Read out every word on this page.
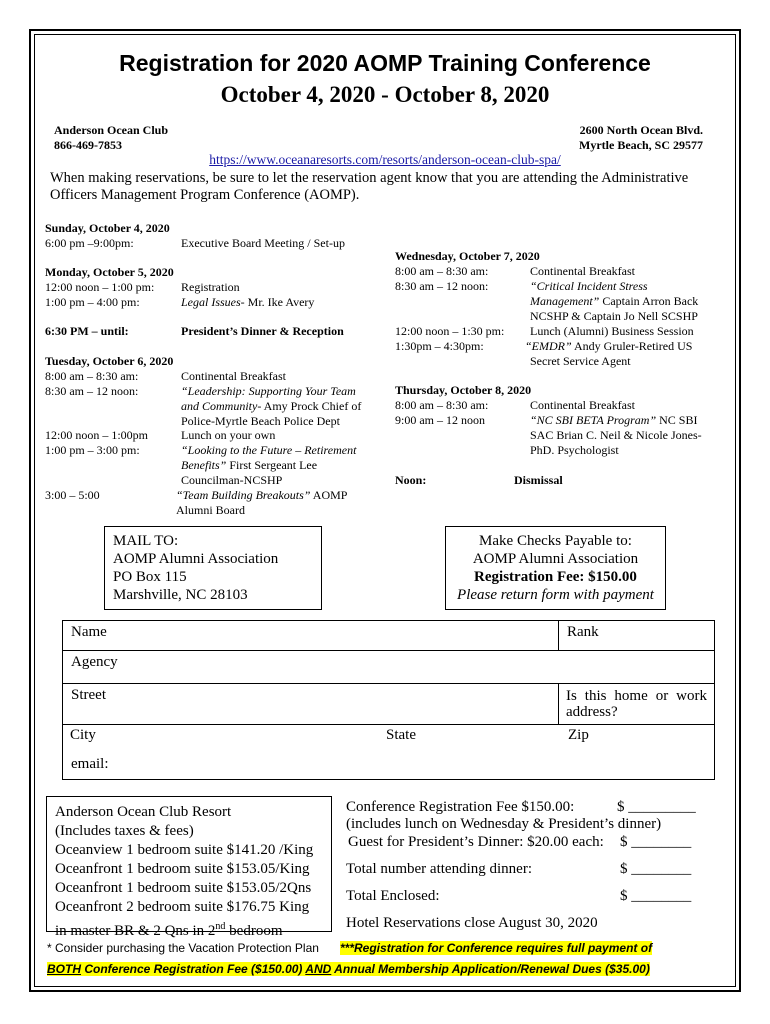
Registration for 2020 AOMP Training Conference
October 4, 2020 - October 8, 2020
Anderson Ocean Club
866-469-7853
2600 North Ocean Blvd.
Myrtle Beach, SC 29577
https://www.oceanaresorts.com/resorts/anderson-ocean-club-spa/
When making reservations, be sure to let the reservation agent know that you are attending the Administrative
Officers Management Program Conference (AOMP).
Sunday, October 4, 2020
6:00 pm –9:00pm:	Executive Board Meeting / Set-up
Monday, October 5, 2020
12:00 noon – 1:00 pm: Registration
1:00 pm – 4:00 pm:	Legal Issues- Mr. Ike Avery
6:30 PM – until:	President’s Dinner & Reception
Tuesday, October 6, 2020
8:00 am – 8:30 am:	Continental Breakfast
8:30 am – 12 noon:	“Leadership: Supporting Your Team
and Community- Amy Prock Chief of
Police-Myrtle Beach Police Dept
12:00 noon – 1:00pm	Lunch on your own
1:00 pm – 3:00 pm:	“Looking to the Future – Retirement
Benefits” First Sergeant Lee
Councilman-NCSHP
3:00 – 5:00	“Team Building Breakouts” AOMP
Alumni Board
Wednesday, October 7, 2020
8:00 am – 8:30 am:	Continental Breakfast
8:30 am – 12 noon:	“Critical Incident Stress
Management” Captain Arron Back
NCSHP & Captain Jo Nell SCSHP
12:00 noon – 1:30 pm: Lunch (Alumni) Business Session
1:30pm – 4:30pm:	“EMDR” Andy Gruler-Retired US
Secret Service Agent
Thursday, October 8, 2020
8:00 am – 8:30 am:	Continental Breakfast
9:00 am – 12 noon	“NC SBI BETA Program” NC SBI
SAC Brian C. Neil & Nicole Jones-
PhD. Psychologist
Noon:	Dismissal
MAIL TO:
AOMP Alumni Association
PO Box 115
Marshville, NC 28103
Make Checks Payable to:
AOMP Alumni Association
Registration Fee: $150.00
Please return form with payment
Name	Rank
Agency
Street	Is this home or work address?
City	State	Zip
email:
Anderson Ocean Club Resort
(Includes taxes & fees)
Oceanview 1 bedroom suite $141.20 /King
Oceanfront 1 bedroom suite $153.05/King
Oceanfront 1 bedroom suite $153.05/2Qns
Oceanfront 2 bedroom suite $176.75 King
in master BR & 2 Qns in 2nd bedroom
Conference Registration Fee $150.00:	$ _________
(includes lunch on Wednesday & President’s dinner)
Guest for President’s Dinner: $20.00 each: $ ________
Total number attending dinner:	$ ________
Total Enclosed:	$ ________
Hotel Reservations close August 30, 2020
* Consider purchasing the Vacation Protection Plan ***Registration for Conference requires full payment of
BOTH Conference Registration Fee ($150.00) AND Annual Membership Application/Renewal Dues ($35.00)
